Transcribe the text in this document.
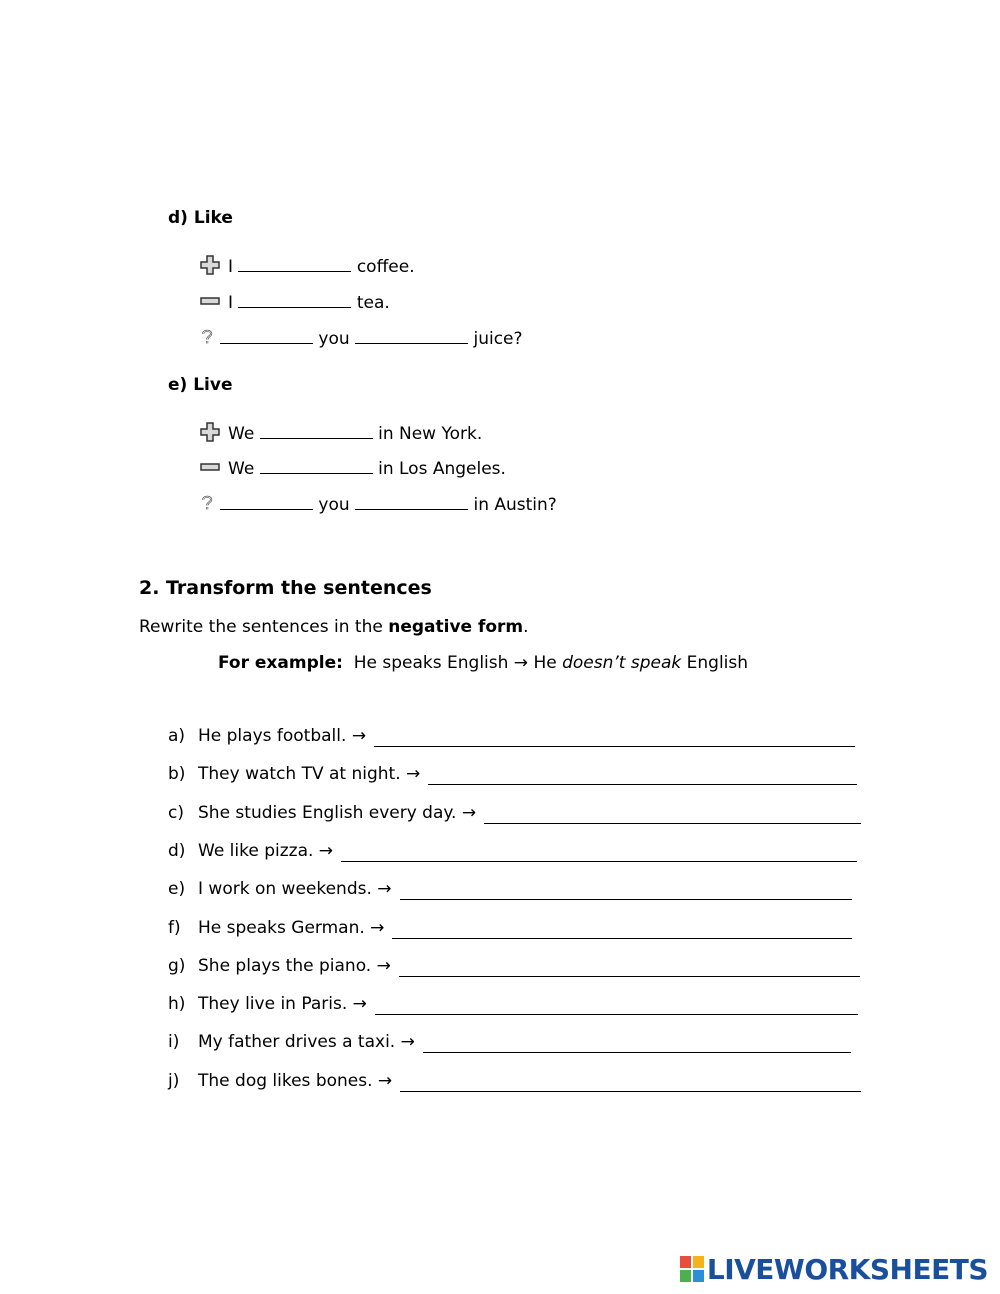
d) Like
I	coffee.
I	tea.
you	juice?
e) Live
We	in New York.
We	in Los Angeles.
you	in Austin?
2. Transform the sentences
Rewrite the sentences in the negative form.
For example: He speaks English → He doesn’t speak English
a) He plays football. →
b) They watch TV at night. →
c) She studies English every day. →
d) We like pizza. →
e) I work on weekends. →
f) He speaks German. →
g) She plays the piano. →
h) They live in Paris. →
i) My father drives a taxi. →
j) The dog likes bones. →
LIVEWORKSHEETS
